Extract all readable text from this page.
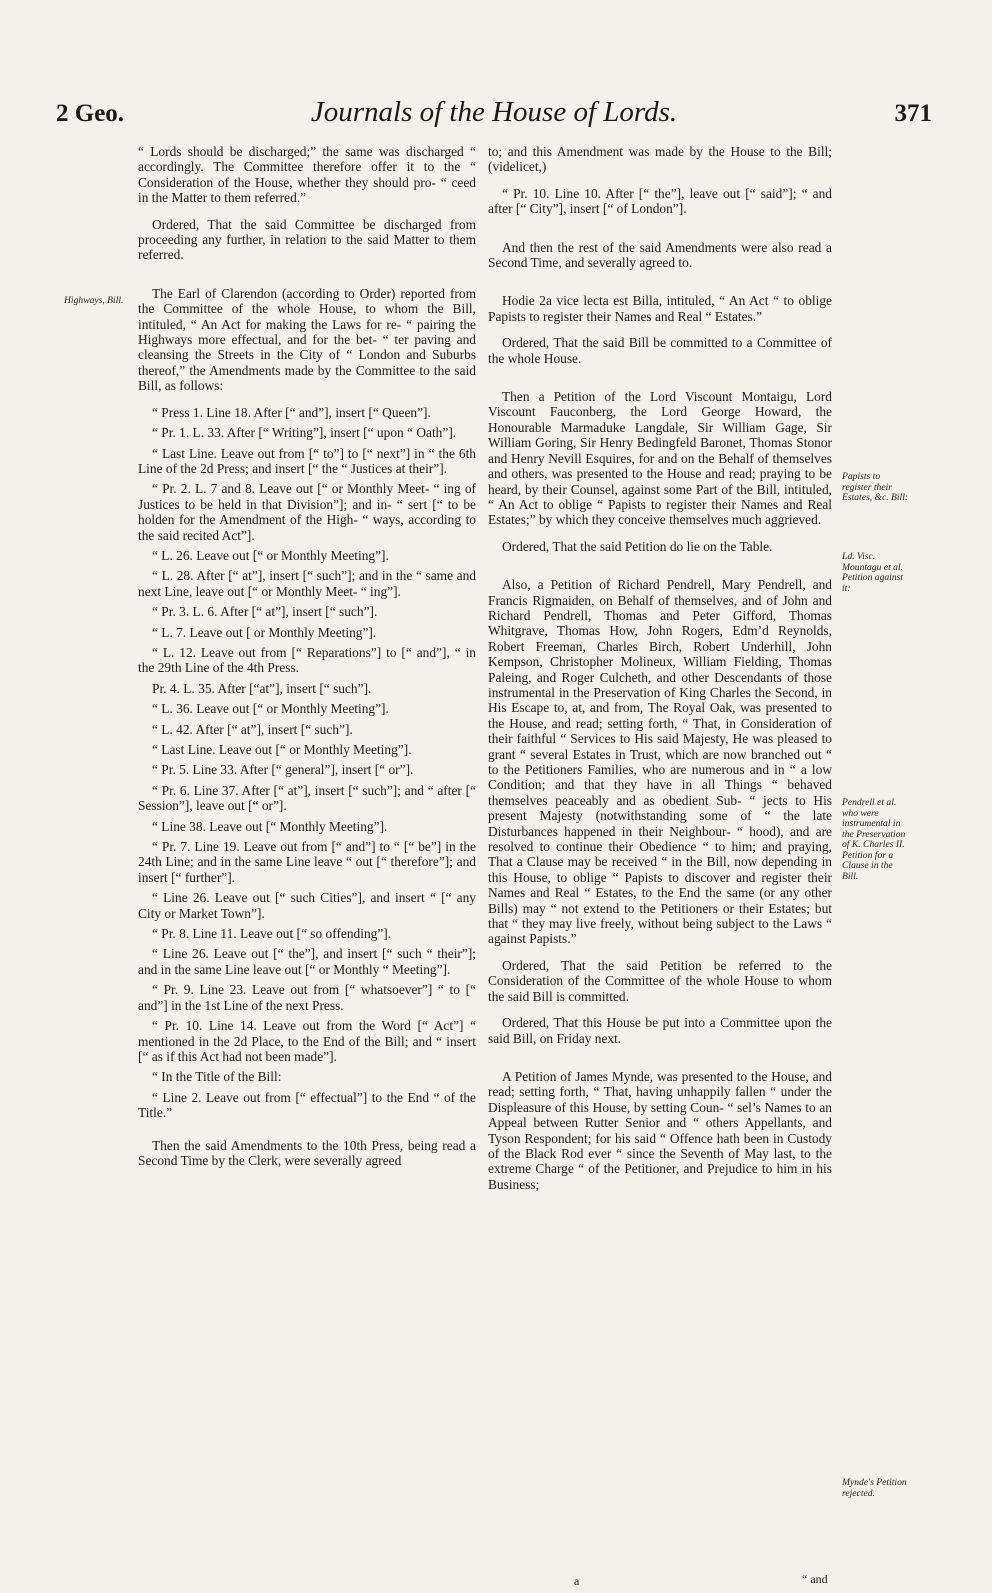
2 Geo.	Journals of the House of Lords.	371

“ Lords should be discharged;” the same was discharged “ accordingly. The Committee therefore offer it to the “ Consideration of the House, whether they should pro- “ ceed in the Matter to them referred.”

Ordered, That the said Committee be discharged from proceeding any further, in relation to the said Matter to them referred.

The Earl of Clarendon (according to Order) reported from the Committee of the whole House, to whom the Bill, intituled, “ An Act for making the Laws for re- “ pairing the Highways more effectual, and for the bet- “ ter paving and cleansing the Streets in the City of “ London and Suburbs thereof,” the Amendments made by the Committee to the said Bill, as follows:

“ Press 1. Line 18. After [“ and”], insert [“ Queen”].

“ Pr. 1. L. 33. After [“ Writing”], insert [“ upon “ Oath”].

“ Last Line. Leave out from [“ to”] to [“ next”] in “ the 6th Line of the 2d Press; and insert [“ the “ Justices at their”].

“ Pr. 2. L. 7 and 8. Leave out [“ or Monthly Meet- “ ing of Justices to be held in that Division”]; and in- “ sert [“ to be holden for the Amendment of the High- “ ways, according to the said recited Act”].

“ L. 26. Leave out [“ or Monthly Meeting”].

“ L. 28. After [“ at”], insert [“ such”]; and in the “ same and next Line, leave out [“ or Monthly Meet- “ ing”].

“ Pr. 3. L. 6. After [“ at”], insert [“ such”].

“ L. 7. Leave out [ or Monthly Meeting”].

“ L. 12. Leave out from [“ Reparations”] to [“ and”], “ in the 29th Line of the 4th Press.

Pr. 4. L. 35. After [“at”], insert [“ such”].

“ L. 36. Leave out [“ or Monthly Meeting”].

“ L. 42. After [“ at”], insert [“ such”].

“ Last Line. Leave out [“ or Monthly Meeting”].

“ Pr. 5. Line 33. After [“ general”], insert [“ or”].

“ Pr. 6. Line 37. After [“ at”], insert [“ such”]; and “ after [“ Session”], leave out [“ or”].

“ Line 38. Leave out [“ Monthly Meeting”].

“ Pr. 7. Line 19. Leave out from [“ and”] to “ [“ be”] in the 24th Line; and in the same Line leave “ out [“ therefore”]; and insert [“ further”].

“ Line 26. Leave out [“ such Cities”], and insert “ [“ any City or Market Town”].

“ Pr. 8. Line 11. Leave out [“ so offending”].

“ Line 26. Leave out [“ the”], and insert [“ such “ their”]; and in the same Line leave out [“ or Monthly “ Meeting”].

“ Pr. 9. Line 23. Leave out from [“ whatsoever”] “ to [“ and”] in the 1st Line of the next Press.

“ Pr. 10. Line 14. Leave out from the Word [“ Act”] “ mentioned in the 2d Place, to the End of the Bill; and “ insert [“ as if this Act had not been made”].

“ In the Title of the Bill:

“ Line 2. Leave out from [“ effectual”] to the End “ of the Title.”

Then the said Amendments to the 10th Press, being read a Second Time by the Clerk, were severally agreed

to; and this Amendment was made by the House to the Bill; (videlicet,)

“ Pr. 10. Line 10. After [“ the”], leave out [“ said”]; “ and after [“ City”], insert [“ of London”].

And then the rest of the said Amendments were also read a Second Time, and severally agreed to.

Hodie 2a vice lecta est Billa, intituled, “ An Act “ to oblige Papists to register their Names and Real “ Estates.”

Ordered, That the said Bill be committed to a Committee of the whole House.

Then a Petition of the Lord Viscount Montaigu, Lord Viscount Fauconberg, the Lord George Howard, the Honourable Marmaduke Langdale, Sir William Gage, Sir William Goring, Sir Henry Bedingfeld Baronet, Thomas Stonor and Henry Nevill Esquires, for and on the Behalf of themselves and others, was presented to the House and read; praying to be heard, by their Counsel, against some Part of the Bill, intituled, “ An Act to oblige “ Papists to register their Names and Real Estates;” by which they conceive themselves much aggrieved.

Ordered, That the said Petition do lie on the Table.

Also, a Petition of Richard Pendrell, Mary Pendrell, and Francis Rigmaiden, on Behalf of themselves, and of John and Richard Pendrell, Thomas and Peter Gifford, Thomas Whitgrave, Thomas How, John Rogers, Edm’d Reynolds, Robert Freeman, Charles Birch, Robert Underhill, John Kempson, Christopher Molineux, William Fielding, Thomas Paleing, and Roger Culcheth, and other Descendants of those instrumental in the Preservation of King Charles the Second, in His Escape to, at, and from, The Royal Oak, was presented to the House, and read; setting forth, “ That, in Consideration of their faithful “ Services to His said Majesty, He was pleased to grant “ several Estates in Trust, which are now branched out “ to the Petitioners Families, who are numerous and in “ a low Condition; and that they have in all Things “ behaved themselves peaceably and as obedient Sub- “ jects to His present Majesty (notwithstanding some of “ the late Disturbances happened in their Neighbour- “ hood), and are resolved to continue their Obedience “ to him; and praying, That a Clause may be received “ in the Bill, now depending in this House, to oblige “ Papists to discover and register their Names and Real “ Estates, to the End the same (or any other Bills) may “ not extend to the Petitioners or their Estates; but that “ they may live freely, without being subject to the Laws “ against Papists.”

Ordered, That the said Petition be referred to the Consideration of the Committee of the whole House to whom the said Bill is committed.

Ordered, That this House be put into a Committee upon the said Bill, on Friday next.

A Petition of James Mynde, was presented to the House, and read; setting forth, “ That, having unhappily fallen “ under the Displeasure of this House, by setting Coun- “ sel’s Names to an Appeal between Rutter Senior and “ others Appellants, and Tyson Respondent; for his said “ Offence hath been in Custody of the Black Rod ever “ since the Seventh of May last, to the extreme Charge “ of the Petitioner, and Prejudice to him in his Business;

Highways, Bill.
Papists to register their Estates, &c. Bill:
Ld. Visc. Mountagu et al. Petition against it:
Pendrell et al. who were instrumental in the Preservation of K. Charles II. Petition for a Clause in the Bill.
Mynde's Petition rejected.
a	“ and
